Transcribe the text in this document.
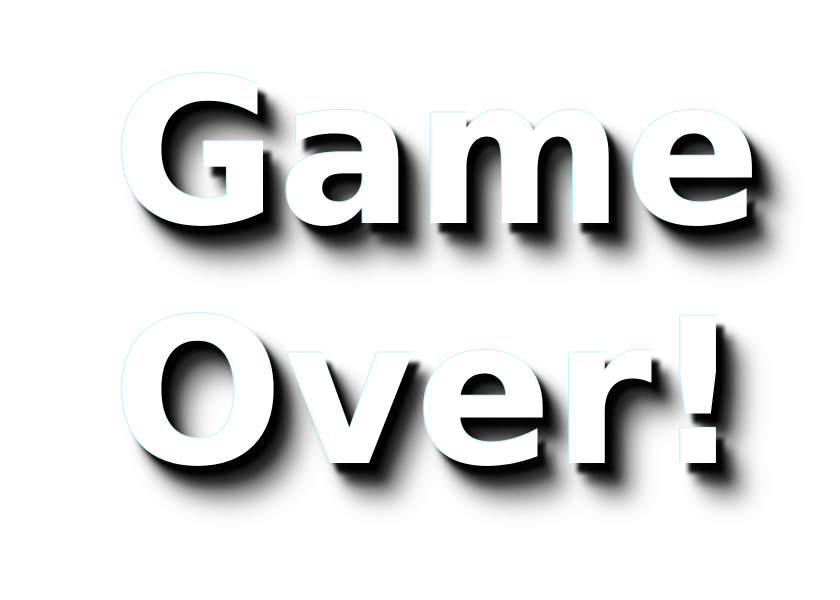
Game
Over!
